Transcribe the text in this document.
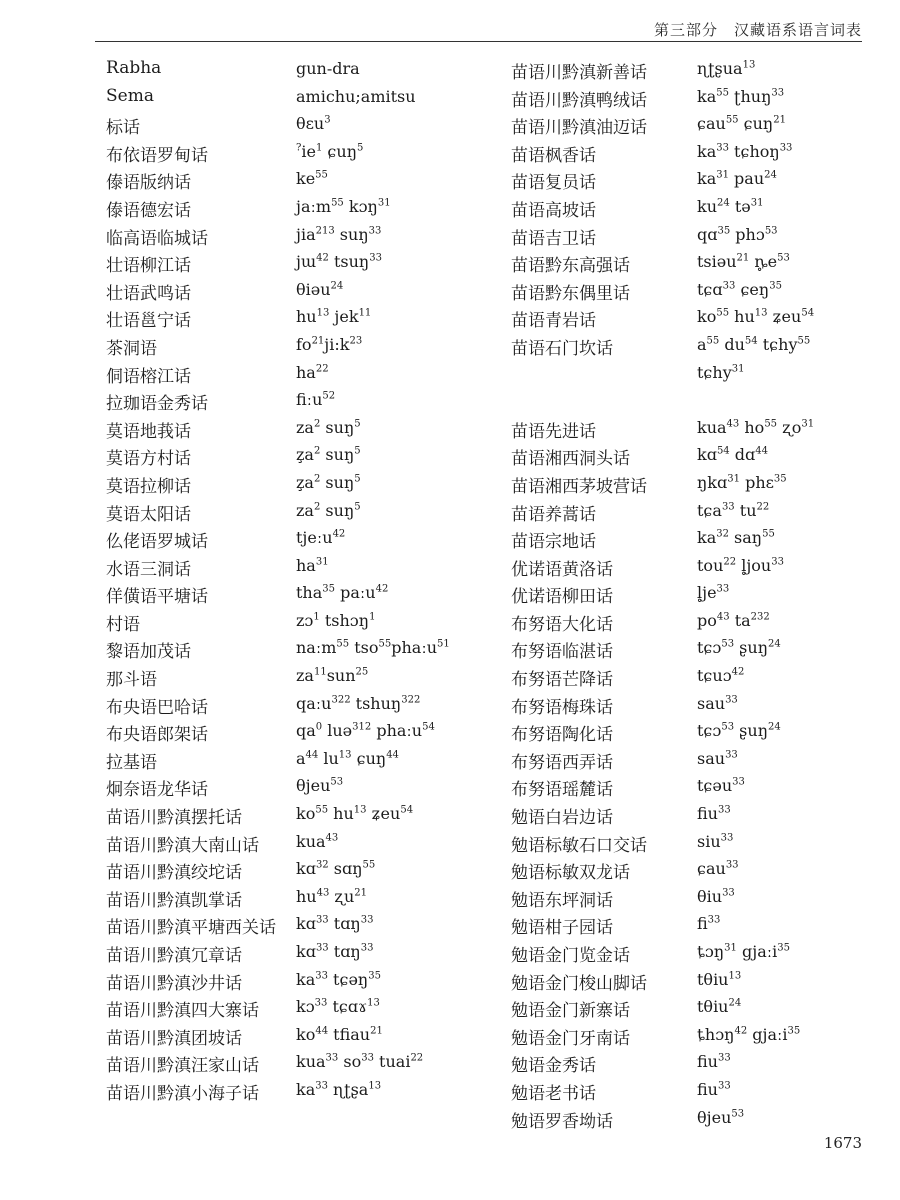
第三部分 汉藏语系语言词表
Rabha	gun-dra
Sema	amichu;amitsu
标话	θɛu$^3$
布依语罗甸话	$^?ie^1$ ɕuŋ$^5$
傣语版纳话	$ke^{55}$
傣语德宏话	jaːm$^{55}$ kɔŋ$^{31}$
临高语临城话	jia$^{213}$ suŋ$^{33}$
壮语柳江话	jɯ$^{42}$ tsuŋ$^{33}$
壮语武鸣话	θiəu$^{24}$
壮语邕宁话	$hu^{13}$ jek$^{11}$
茶洞语	$fo^{21}ji:k^{23}$
侗语榕江话	$ha^{22}$
拉珈语金秀话	fiːu$^{52}$
莫语地莪话	$za^2$ suŋ$^5$
莫语方村话	$z̧a^2$ suŋ$^5$
莫语拉柳话	$z̧a^2$ suŋ$^5$
莫语太阳话	$za^2$ suŋ$^5$
仫佬语罗城话	tjeːu$^{42}$
水语三洞话	$ha^{31}$
佯僙语平塘话	tha$^{35}$ paːu$^{42}$
村语	zɔ$^1$ tshɔŋ$^1$
黎语加茂话	naːm$^{55}$ tso$^{55}$phaːu$^{51}$
那斗语	$za^{11}sun^{25}$
布央语巴哈话	qaːu$^{322}$ tshuŋ$^{322}$
布央语郎架话	$qa^0$ luə$^{312}$ phaːu$^{54}$
拉基语	$a^{44}$ $lu^{13}$ ɕuŋ$^{44}$
炯奈语龙华话	θjeu$^{53}$
苗语川黔滇摆托话	$ko^{55}$ $hu^{13}$ ʑeu$^{54}$
苗语川黔滇大南山话 kua$^{43}$
苗语川黔滇绞坨话	kɑ$^{32}$ sɑŋ$^{55}$
苗语川黔滇凯掌话	$hu^{43}$ ʐu$^{21}$
苗语川黔滇平塘西关话 kɑ$^{33}$ tɑŋ$^{33}$
苗语川黔滇冗章话	kɑ$^{33}$ tɑŋ$^{33}$
苗语川黔滇沙井话	$ka^{33}$ tɕəŋ$^{35}$
苗语川黔滇四大寨话 kɔ$^{33}$ tɕɑɤ$^{13}$
苗语川黔滇团坡话	$ko^{44}$ tfiau$^{21}$
苗语川黔滇汪家山话 kua$^{33}$ $so^{33}$ tuai$^{22}$
苗语川黔滇小海子话 $ka^{33}$ ɳʈʂa$^{13}$
苗语川黔滇新善话	ɳʈʂua$^{13}$
苗语川黔滇鸭绒话	$ka^{55}$ ʈhuŋ$^{33}$
苗语川黔滇油迈话	ɕau$^{55}$ ɕuŋ$^{21}$
苗语枫香话	$ka^{33}$ tɕhoŋ$^{33}$
苗语复员话	$ka^{31}$ pau$^{24}$
苗语高坡话	$ku^{24}$ tə$^{31}$
苗语吉卫话	qɑ$^{35}$ phɔ$^{53}$
苗语黔东高强话	tsiəu$^{21}$ $ȵ̥e^{53}$
苗语黔东偶里话	tɕɑ$^{33}$ ɕeŋ$^{35}$
苗语青岩话	$ko^{55}$ $hu^{13}$ ʑeu$^{54}$
苗语石门坎话	$a^{55}$ $du^{54}$ tɕhy$^{55}$
tɕhy$^{31}$
苗语先进话	kua$^{43}$ $ho^{55}$ ʐo$^{31}$
苗语湘西洞头话	kɑ$^{54}$ dɑ$^{44}$
苗语湘西茅坡营话	ŋkɑ$^{31}$ phɛ$^{35}$
苗语养蒿话	tɕa$^{33}$ $tu^{22}$
苗语宗地话	$ka^{32}$ saŋ$^{55}$
优诺语黄洛话	tou$^{22}$ l̥jou$^{33}$
优诺语柳田话	$l̥je^{33}$
布努语大化话	$po^{43}$ $ta^{232}$
布努语临湛话	tɕɔ$^{53}$ ʂuŋ$^{24}$
布努语芒降话	tɕuɔ$^{42}$
布努语梅珠话	sau$^{33}$
布努语陶化话	tɕɔ$^{53}$ ʂuŋ$^{24}$
布努语西弄话	sau$^{33}$
布努语瑶麓话	tɕəu$^{33}$
勉语白岩边话	fiu$^{33}$
勉语标敏石口交话	siu$^{33}$
勉语标敏双龙话	ɕau$^{33}$
勉语东坪洞话	θiu$^{33}$
勉语柑子园话	$fi^{33}$
勉语金门览金话	ȶɔŋ$^{31}$ gjaːi$^{35}$
勉语金门梭山脚话	tθiu$^{13}$
勉语金门新寨话	tθiu$^{24}$
勉语金门牙南话	ȶhɔŋ$^{42}$ gjaːi$^{35}$
勉语金秀话	fiu$^{33}$
勉语老书话	fiu$^{33}$
勉语罗香坳话	θjeu$^{53}$
1673
